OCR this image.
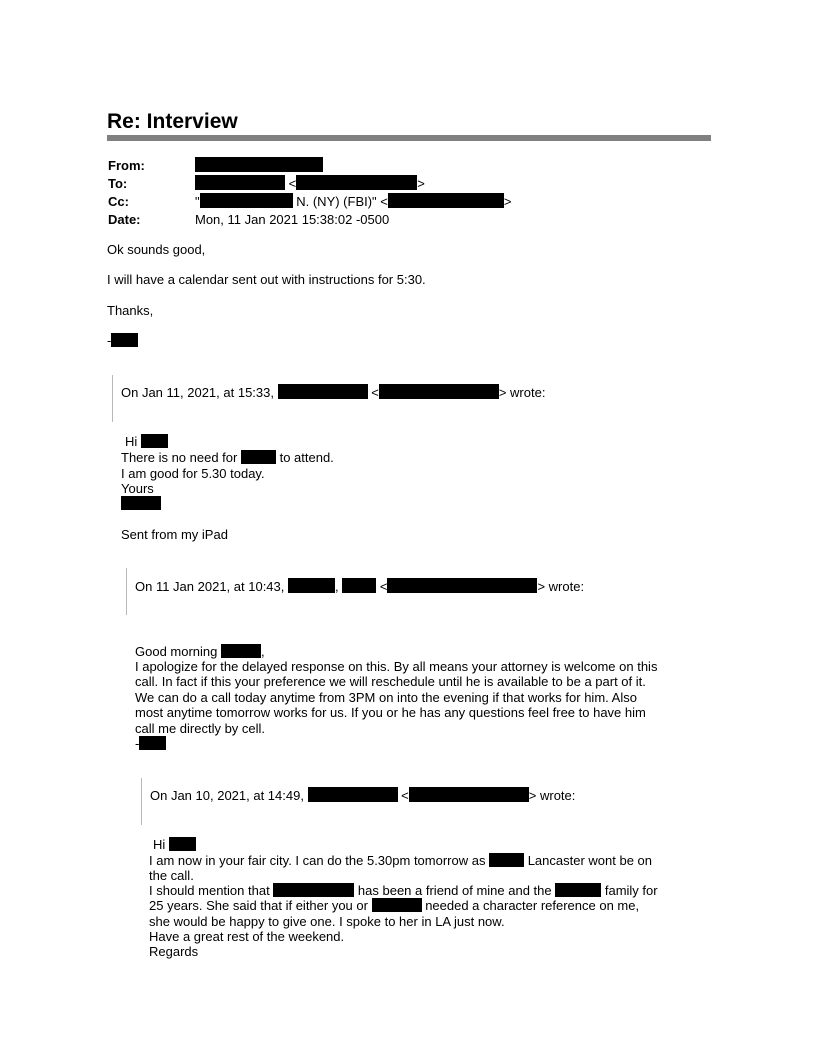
Re: Interview
From:
To:	<	>
Cc:	"	N. (NY) (FBI)" <	>
Date:	Mon, 11 Jan 2021 15:38:02 -0500
Ok sounds good,
I will have a calendar sent out with instructions for 5:30.
Thanks,
-
On Jan 11, 2021, at 15:33,	<	> wrote:
Hi
There is no need for	to attend.
I am good for 5.30 today.
Yours
Sent from my iPad
On 11 Jan 2021, at 10:43,	,	<	> wrote:
Good morning	,
I apologize for the delayed response on this. By all means your attorney is welcome on this
call. In fact if this your preference we will reschedule until he is available to be a part of it.
We can do a call today anytime from 3PM on into the evening if that works for him. Also
most anytime tomorrow works for us. If you or he has any questions feel free to have him
call me directly by cell.
-
On Jan 10, 2021, at 14:49,	<	> wrote:
Hi
I am now in your fair city. I can do the 5.30pm tomorrow as	Lancaster wont be on
the call.
I should mention that	has been a friend of mine and the	family for
25 years. She said that if either you or	needed a character reference on me,
she would be happy to give one. I spoke to her in LA just now.
Have a great rest of the weekend.
Regards
